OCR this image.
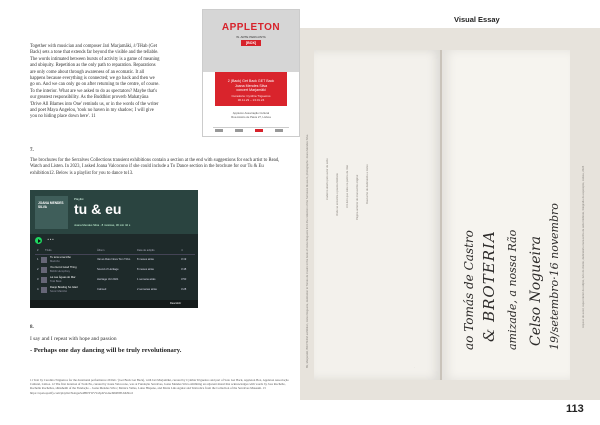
Visual Essay

Together with musician and composer Jari Marjamäki, ἐ/Tělab (Get Back) sets a tone that extends far beyond the visible and the tellable. The words intimated between bursts of activity is a game of meaning and ubiquity. Repetition as the only path to reparation. Reparations are only come about through awareness of an ecomatic. It all happens because everything is connected; we go back and then we go on. And we can only go on after returning to the centre, of course. To the interior. What are we asked to do as spectators? Maybe that's our greatest responsibility. As the Buddhist proverb Mahatyāna 'Drive All Blames into One' reminds us, or in the words of the writer and poet Maya Angelou, 'took no haven in my shadow; I will give you no hiding place down here'. 11

APPLETON
W. ARTE PERGUNTA
[BOX]
2 (Back) Get Back GET Back
Joana Mendes Silva
concert Marjamäki
Curadoria: Cynthia Trigueiros
30.11.23 – 13.01.24
Appleton Associação Cultural
Rua Acácio de Paiva 27, Lisboa
7.

The brochures for the Serralves Collections transient exhibitions contain a section at the end with suggestions for each artist to Read, Watch and Listen. In 2023, I asked Joana Valcocono if she could include a To Dance section in the brochure for our Tu & Eu exhibition12. Below is a playlist for you to dance to13.

JOANA MENDES SILVA
Playlist
tu & eu
Joana Mendes Silva · 8 músicas, 30 min 42 s
•••
#	Título	Álbum	Data de adição	⏱
1
Tu tens uma tribo
Marinho
Vai ao Raio Nova Tom Tribo	8 meses atrás	3:19
2
You Got A Good Thing
Bobbi Humphrey
Sound of Heritage	8 meses atrás	3:48
3
Lá nas Águas do Mar
Toté Beat
Heritage Vol 2021	1 semana atrás	3:50
4
Danjo Bowling So Glad
Sonic Marinho
Calmed	2 semanas atrás	3:28
Descobrir
8.

I say and I repeat with hope and passion

- Perhaps one day dancing will be truly revolutionary.

11 Text by Carolina Trigueiros for the durational performance áTělab / (Get Back Get Back), with Jari Marjamäki, curated by Cynthia Trigueiros and part of Solo Get Back, Appleton Box, Appleton Associação Cultural, Lisboa. 12 The first iteration of Tu & Eu, curated by Joana Valcocono, was at Fundação Serralves, Joana Mendes Silva exhibiting an adjacent mural that acknowledges with words by Joss Rochelle, Rochelle Rochelles, shinsheith of the Fundação – Joana Mendes Silva | Mónica Valles, Luísa Hispano, and Maria Lúis Aguiar and Telécolica from the Collection of the Serralves Museum. 13 https://open.spotify.com/playlist/3iAtgeZe4HDYWvYsZpKVoAwi9h9NPUt&Sbcd

Caderno aberto pelo autor da série	Onde se encontra o poema Nobrete	Um livro que cabe na palma da mão	Página anterior do manuscrito original	Rascunho de dedicatória a Celso
·
ao Tomás de Castro & BROTERIA amizade, a nossa Rão Celso Nogueira 19/setembro·16 novembro
Bk, Marjamäki, BROTERIA exhibition, Celso Nogueira, dedication to Tomás de Castro in the book of Celso Nogueira from the collection of the Serralves Museum, photographs: Joana Mendes Silva	Arquivo do autor, capa interior da edição, livro do cliente, dedicatória manuscrita da série Nobrete, fotografia da exposição, Lisboa, 2024
113
